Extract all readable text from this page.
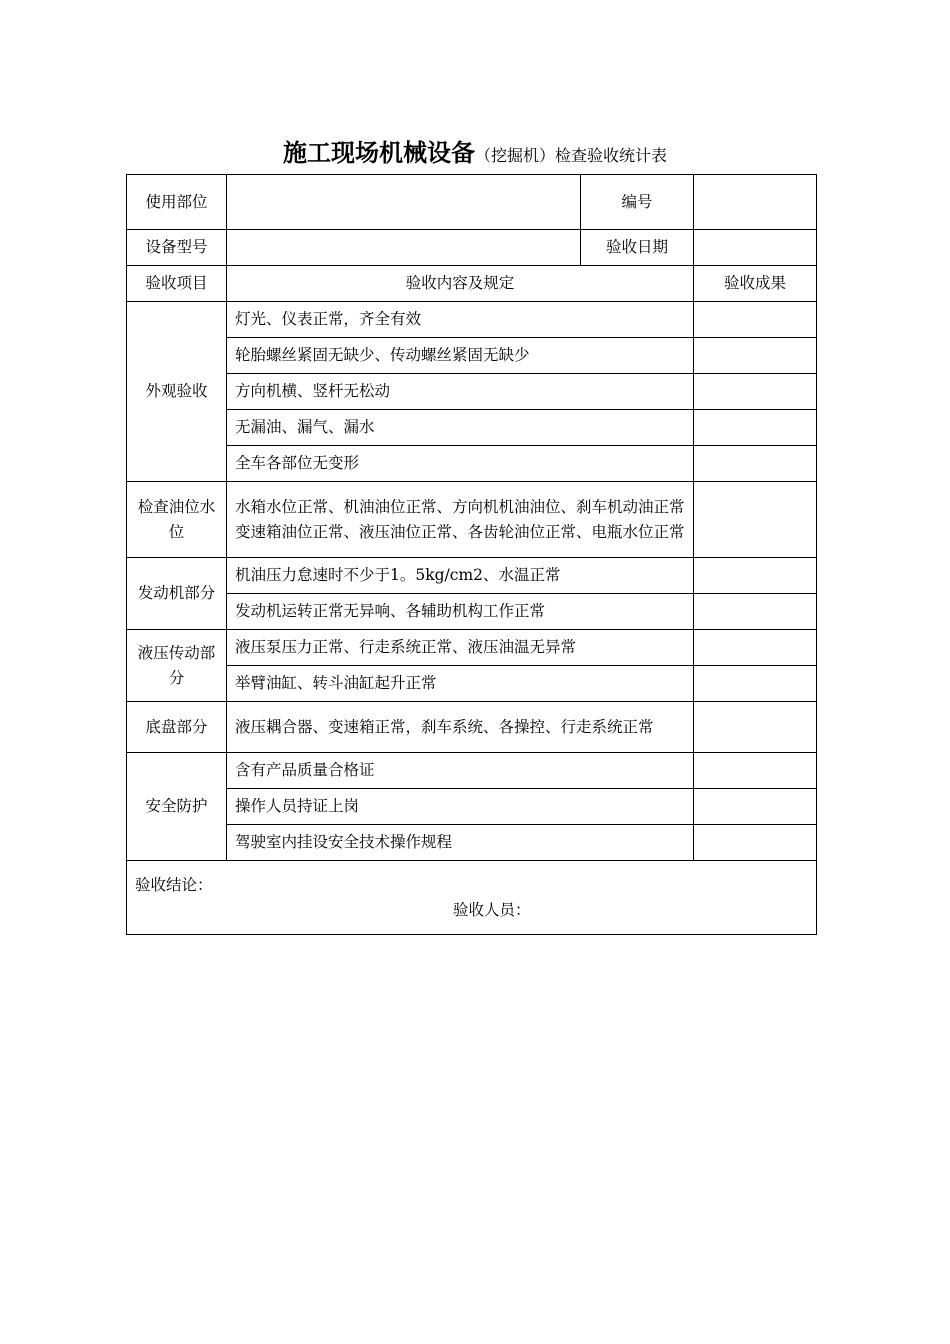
施工现场机械设备（挖掘机）检查验收统计表
使用部位		编号	
设备型号		验收日期	
验收项目	验收内容及规定		验收成果
外观验收	灯光、仪表正常，齐全有效		
	轮胎螺丝紧固无缺少、传动螺丝紧固无缺少		
	方向机横、竖杆无松动		
	无漏油、漏气、漏水		
	全车各部位无变形		
检查油位水位	水箱水位正常、机油油位正常、方向机机油油位、刹车机动油正常变速箱油位正常、液压油位正常、各齿轮油位正常、电瓶水位正常		
发动机部分	机油压力怠速时不少于1。5kg/cm2、水温正常		
	发动机运转正常无异响、各辅助机构工作正常		
液压传动部分	液压泵压力正常、行走系统正常、液压油温无异常		
	举臂油缸、转斗油缸起升正常		
底盘部分	液压耦合器、变速箱正常，刹车系统、各操控、行走系统正常		
安全防护	含有产品质量合格证		
	操作人员持证上岗		
	驾驶室内挂设安全技术操作规程		

验收结论：
验收人员：			
